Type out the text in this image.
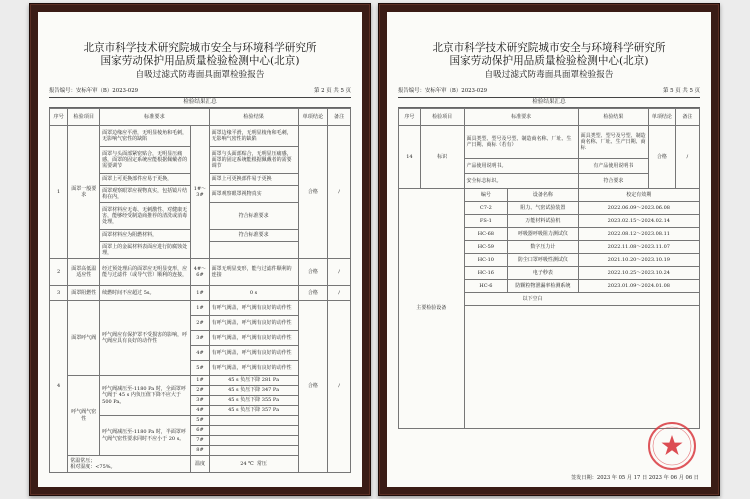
北京市科学技术研究院城市安全与环境科学研究所
国家劳动保护用品质量检验检测中心(北京)
自吸过滤式防毒面具面罩检验报告
报告编号：安标年审（B）2023-029	第 2 页 共 5 页
检验结果汇总
序号	检验项目	标准要求		检验结果	单项结论	备注
1	面罩一般要求	面罩边缘应平滑，无明显棱角和毛刺，无影响气密性的缺陷	1#～3#	面罩边缘平滑，无明显棱角和毛刺，无影响气密性的缺陷	合格	/
		面罩与头面部紧密贴合，无明显压痛感，面罩的固定系统应能根据佩戴者的需要调节		面罩与头面部贴合，无明显压痛感，面罩的固定系统能根据佩戴者的需要调节		
		面罩上可更换部件应易于更换，		面罩上可更换部件易于更换		
		面罩观察眼罩应视物真实，包括镜片结构在内，		面罩观察眼罩视物真实		
		面罩材料应无毒、无刺激性、对健康无害，能够经受制造商推荐的清洗或消毒处理，		符合标准要求		
		面罩材料应为阻燃材料，		符合标准要求		
		面罩上的金属材料表面应进行防腐蚀处理，				
2	面罩高低温适应性	经过预处理后的面罩应无明显变形，应能与过滤件（或导气管）顺利的连接，	4#～6#	面罩无明显变形，能与过滤件顺利的连接	合格	/
3	面罩阻燃性	续燃时间不应超过 5s。	1#	0 s	合格	/
4	面罩呼气阀	呼气阀应有保护罩不受损害的影响，呼气阀应具有良好的动作性	1#	有呼气阀盖，呼气阀有良好的动作性	合格	/
			2#	有呼气阀盖，呼气阀有良好的动作性		
			3#	有呼气阀盖，呼气阀有良好的动作性		
			4#	有呼气阀盖，呼气阀有良好的动作性		
			5#	有呼气阀盖，呼气阀有良好的动作性		
	呼气阀气密性	呼气阀减压至-1180 Pa 时，全面罩呼气阀于 45 s 内负压值下降不应大于 500 Pa。	1#	45 s 负压下降 281 Pa		
			2#	45 s 负压下降 347 Pa		
			3#	45 s 负压下降 355 Pa		
			4#	45 s 负压下降 357 Pa		
		呼气阀减压至-1180 Pa 时，半面罩呼气阀气密性要求同时不应小于 20 s。	5#			
			6#			
			7#			
			8#			
	常温常压；
相对湿度：<75%。		温度	24 ℃ 常压		
北京市科学技术研究院城市安全与环境科学研究所
国家劳动保护用品质量检验检测中心(北京)
自吸过滤式防毒面具面罩检验报告
报告编号：安标年审（B）2023-029	第 5 页 共 5 页
检验结果汇总
序号	检验项目	标准要求		检验结果	单项结论	备注
14	标识	面具类型、型号及号型、制造商名称、厂址、生产日期、商标（若有）		面具类型、型号及号型、制造商名称、厂址、生产日期、商标	合格	/
		产品使用说明书。		有产品使用说明书		
		安全标志标识。		符合要求		
主要检验设备		编号	设备名称	校定有效期		
		C7-2	阻力、气密试验装置	2022.06.09～2023.06.08		
		FS-1	万能材料试验机	2023.02.15～2024.02.14		
		HC-68	呼吸器呼吸阻力测试仪	2022.08.12～2023.08.11		
		HC-59	数字压力计	2022.11.08～2023.11.07		
		HC-10	防尘口罩呼吸性测试仪	2021.10.20～2023.10.19		
		HC-16	电子秒表	2022.10.25～2023.10.24		
		HC-6	防颗粒物泄漏率检测系统	2023.01.09～2024.01.08		
		以下空白				

签发日期：2023 年 05 月 17 日 2023 年 06 月 06 日
